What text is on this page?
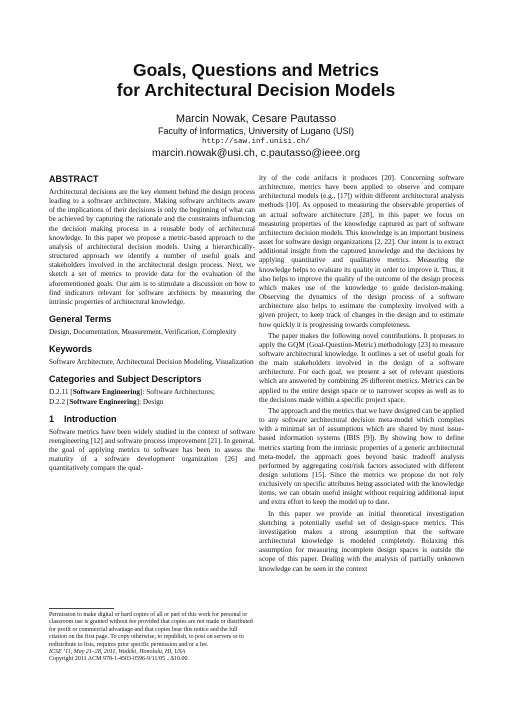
Goals, Questions and Metrics
for Architectural Decision Models
Marcin Nowak, Cesare Pautasso
Faculty of Informatics, University of Lugano (USI)
http://saw.inf.unisi.ch/
marcin.nowak@usi.ch, c.pautasso@ieee.org
ABSTRACT

Architectural decisions are the key element behind the design process leading to a software architecture. Making software architects aware of the implications of their decisions is only the beginning of what can be achieved by capturing the rationale and the constraints influencing the decision making process in a reusable body of architectural knowledge. In this paper we propose a metric-based approach to the analysis of architectural decision models. Using a hierarchically-structured approach we identify a number of useful goals and stakeholders involved in the architectural design process. Next, we sketch a set of metrics to provide data for the evaluation of the aforementioned goals. Our aim is to stimulate a discussion on how to find indicators relevant for software architects by measuring the intrinsic properties of architectural knowledge.

General Terms

Design, Documentation, Measurement, Verification, Complexity

Keywords

Software Architecture, Architectural Decision Modeling, Visualization

Categories and Subject Descriptors

D.2.11 [Software Engineering]: Software Architectures;

D.2.2 [Software Engineering]: Design

1 Introduction

Software metrics have been widely studied in the context of software reengineering [12] and software process improvement [21]. In general, the goal of applying metrics to software has been to assess the maturity of a software development organization [26] and quantitatively compare the qual-

Permission to make digital or hard copies of all or part of this work for personal or classroom use is granted without fee provided that copies are not made or distributed for profit or commercial advantage and that copies bear this notice and the full citation on the first page. To copy otherwise, to republish, to post on servers or to redistribute to lists, requires prior specific permission and/or a fee.

ICSE ’11, May 21–28, 2011, Waikiki, Honolulu, HI, USA

Copyright 2011 ACM 978-1-4503-0596-9/11/05 ...$10.00.

ity of the code artifacts it produces [20]. Concerning software architecture, metrics have been applied to observe and compare architectural models (e.g., [17]) within different architectural analysis methods [10]. As opposed to measuring the observable properties of an actual software architecture [28], in this paper we focus on measuring properties of the knowledge captured as part of software architecture decision models. This knowledge is an important business asset for software design organizations [2, 22]. Our intent is to extract additional insight from the captured knowledge and the decisions by applying quantitative and qualitative metrics. Measuring the knowledge helps to evaluate its quality in order to improve it. Thus, it also helps to improve the quality of the outcome of the design process which makes use of the knowledge to guide decision-making. Observing the dynamics of the design process of a software architecture also helps to estimate the complexity involved with a given project, to keep track of changes in the design and to estimate how quickly it is progressing towards completeness.

The paper makes the following novel contributions. It proposes to apply the GQM (Goal-Question-Metric) methodology [23] to measure software architectural knowledge. It outlines a set of useful goals for the main stakeholders involved in the design of a software architecture. For each goal, we present a set of relevant questions which are answered by combining 26 different metrics. Metrics can be applied to the entire design space or to narrower scopes as well as to the decisions made within a specific project space.

The approach and the metrics that we have designed can be applied to any software architectural decision meta-model which complies with a minimal set of assumptions which are shared by most issue-based information systems (IBIS [9]). By showing how to define metrics starting from the intrinsic properties of a generic architectural meta-model, the approach goes beyond basic tradeoff analysis performed by aggregating cost/risk factors associated with different design solutions [15]. Since the metrics we propose do not rely exclusively on specific attributes being associated with the knowledge items, we can obtain useful insight without requiring additional input and extra effort to keep the model up to date.

In this paper we provide an initial theoretical investigation sketching a potentially useful set of design-space metrics. This investigation makes a strong assumption that the software architectural knowledge is modeled completely. Relaxing this assumption for measuring incomplete design spaces is outside the scope of this paper. Dealing with the analysis of partially unknown knowledge can be seen in the context
